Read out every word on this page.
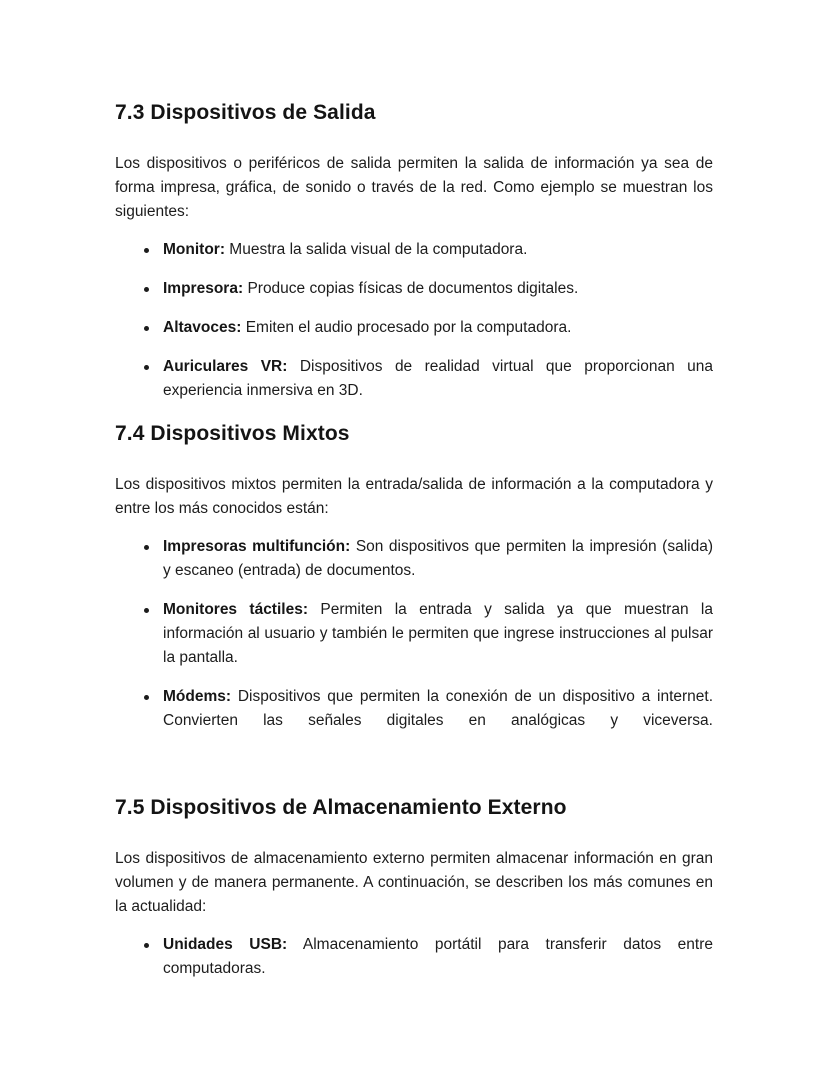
7.3 Dispositivos de Salida

Los dispositivos o periféricos de salida permiten la salida de información ya sea de forma impresa, gráfica, de sonido o través de la red. Como ejemplo se muestran los siguientes:

Monitor: Muestra la salida visual de la computadora.
Impresora: Produce copias físicas de documentos digitales.
Altavoces: Emiten el audio procesado por la computadora.
Auriculares VR: Dispositivos de realidad virtual que proporcionan una experiencia inmersiva en 3D.
7.4 Dispositivos Mixtos

Los dispositivos mixtos permiten la entrada/salida de información a la computadora y entre los más conocidos están:

Impresoras multifunción: Son dispositivos que permiten la impresión (salida) y escaneo (entrada) de documentos.
Monitores táctiles: Permiten la entrada y salida ya que muestran la información al usuario y también le permiten que ingrese instrucciones al pulsar la pantalla.
Módems: Dispositivos que permiten la conexión de un dispositivo a internet. Convierten las señales digitales en analógicas y viceversa.
7.5 Dispositivos de Almacenamiento Externo

Los dispositivos de almacenamiento externo permiten almacenar información en gran volumen y de manera permanente. A continuación, se describen los más comunes en la actualidad:

Unidades USB: Almacenamiento portátil para transferir datos entre computadoras.
